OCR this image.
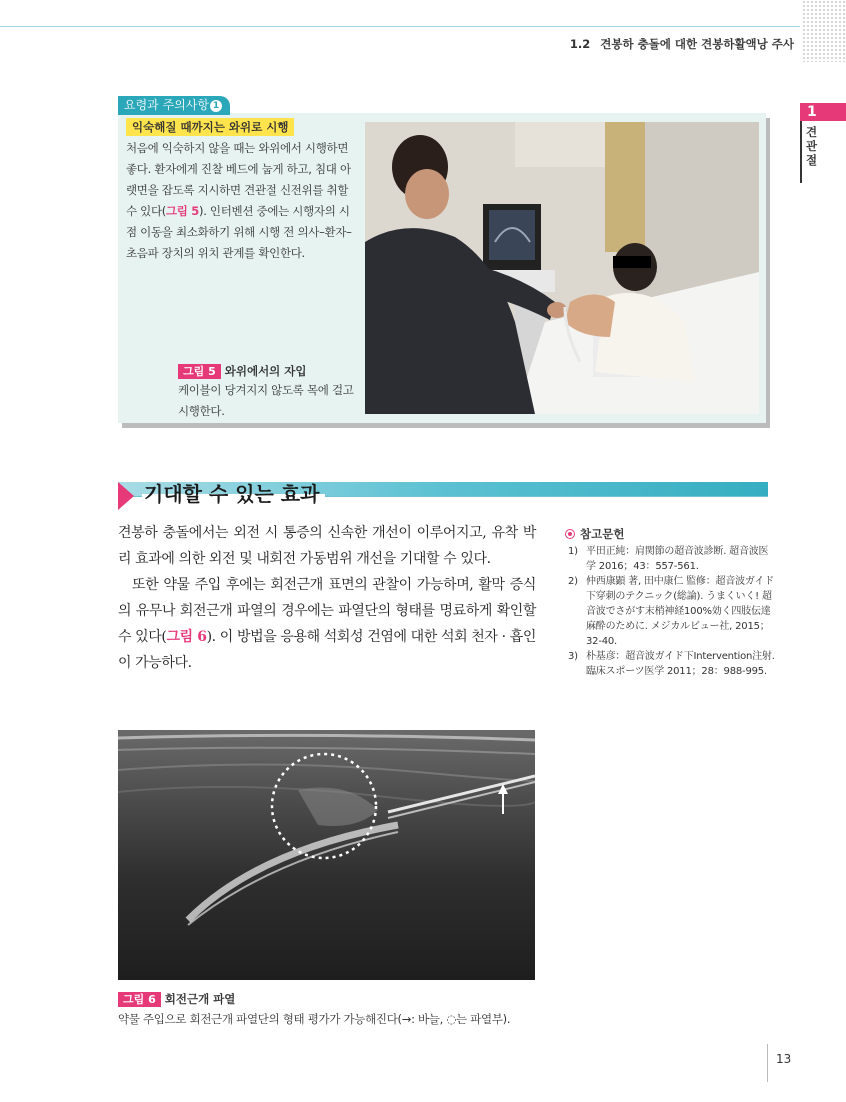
1.2 견봉하 충돌에 대한 견봉하활액낭 주사
1
견관절
요령과 주의사항 1
익숙해질 때까지는 와위로 시행
처음에 익숙하지 않을 때는 와위에서 시행하면 좋다. 환자에게 진찰 베드에 눕게 하고, 침대 아랫면을 잡도록 지시하면 견관절 신전위를 취할 수 있다(그림 5). 인터벤션 중에는 시행자의 시점 이동을 최소화하기 위해 시행 전 의사–환자–초음파 장치의 위치 관계를 확인한다.
그림 5 와위에서의 자입
케이블이 당겨지지 않도록 목에 걸고 시행한다.
기대할 수 있는 효과

견봉하 충돌에서는 외전 시 통증의 신속한 개선이 이루어지고, 유착 박리 효과에 의한 외전 및 내회전 가동범위 개선을 기대할 수 있다.

또한 약물 주입 후에는 회전근개 표면의 관찰이 가능하며, 활막 증식의 유무나 회전근개 파열의 경우에는 파열단의 형태를 명료하게 확인할 수 있다(그림 6). 이 방법을 응용해 석회성 건염에 대한 석회 천자 · 흡인이 가능하다.

참고문헌
1) 平田正純：肩関節の超音波診断. 超音波医学 2016；43：557-561.
2) 仲西康顕 著, 田中康仁 監修：超音波ガイド下穿刺のテクニック(総論). うまくいく! 超音波でさがす末梢神経100%効く四肢伝達麻酔のために. メジカルビュー社, 2015；32-40.
3) 朴基彦：超音波ガイド下Intervention注射. 臨床スポーツ医学 2011；28：988-995.
그림 6 회전근개 파열
약물 주입으로 회전근개 파열단의 형태 평가가 가능해진다(→: 바늘, ◌는 파열부).
13
